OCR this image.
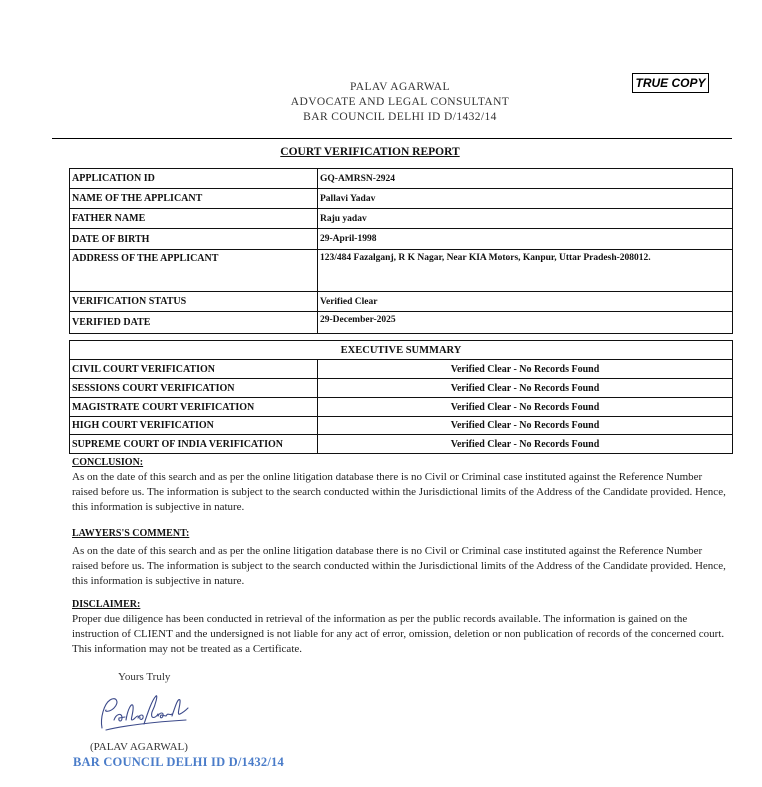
TRUE COPY
PALAV AGARWAL
ADVOCATE AND LEGAL CONSULTANT
BAR COUNCIL DELHI ID D/1432/14
COURT VERIFICATION REPORT
APPLICATION ID	GQ-AMRSN-2924
NAME OF THE APPLICANT	Pallavi Yadav
FATHER NAME	Raju yadav
DATE OF BIRTH	29-April-1998
ADDRESS OF THE APPLICANT	123/484 Fazalganj, R K Nagar, Near KIA Motors, Kanpur, Uttar Pradesh-208012.
VERIFICATION STATUS	Verified Clear
VERIFIED DATE	29-December-2025
EXECUTIVE SUMMARY	
CIVIL COURT VERIFICATION	Verified Clear - No Records Found
SESSIONS COURT VERIFICATION	Verified Clear - No Records Found
MAGISTRATE COURT VERIFICATION	Verified Clear - No Records Found
HIGH COURT VERIFICATION	Verified Clear - No Records Found
SUPREME COURT OF INDIA VERIFICATION	Verified Clear - No Records Found
CONCLUSION:
As on the date of this search and as per the online litigation database there is no Civil or Criminal case instituted against the Reference Number raised before us. The information is subject to the search conducted within the Jurisdictional limits of the Address of the Candidate provided. Hence, this information is subjective in nature.
LAWYERS'S COMMENT:
As on the date of this search and as per the online litigation database there is no Civil or Criminal case instituted against the Reference Number raised before us. The information is subject to the search conducted within the Jurisdictional limits of the Address of the Candidate provided. Hence, this information is subjective in nature.
DISCLAIMER:
Proper due diligence has been conducted in retrieval of the information as per the public records available. The information is gained on the instruction of CLIENT and the undersigned is not liable for any act of error, omission, deletion or non publication of records of the concerned court. This information may not be treated as a Certificate.
Yours Truly
(PALAV AGARWAL)
BAR COUNCIL DELHI ID D/1432/14
